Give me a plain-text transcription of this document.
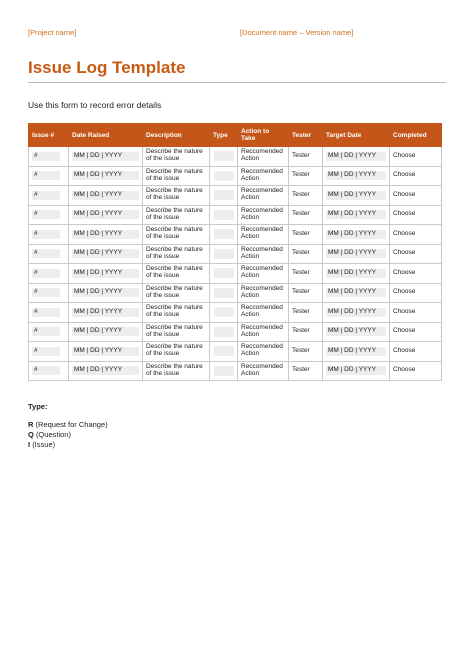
[Project name]	[Document name – Version name]
Issue Log Template
Use this form to record error details
Issue #	Date Raised	Description	Type	Action to Take	Tester	Target Date	Completed
#	MM | DD | YYYY	Describe the nature of the issue		Reccomended Action	Tester	MM | DD | YYYY	Choose
#	MM | DD | YYYY	Describe the nature of the issue		Reccomended Action	Tester	MM | DD | YYYY	Choose
#	MM | DD | YYYY	Describe the nature of the issue		Reccomended Action	Tester	MM | DD | YYYY	Choose
#	MM | DD | YYYY	Describe the nature of the issue		Reccomended Action	Tester	MM | DD | YYYY	Choose
#	MM | DD | YYYY	Describe the nature of the issue		Reccomended Action	Tester	MM | DD | YYYY	Choose
#	MM | DD | YYYY	Describe the nature of the issue		Reccomended Action	Tester	MM | DD | YYYY	Choose
#	MM | DD | YYYY	Describe the nature of the issue		Reccomended Action	Tester	MM | DD | YYYY	Choose
#	MM | DD | YYYY	Describe the nature of the issue		Reccomended Action	Tester	MM | DD | YYYY	Choose
#	MM | DD | YYYY	Describe the nature of the issue		Reccomended Action	Tester	MM | DD | YYYY	Choose
#	MM | DD | YYYY	Describe the nature of the issue		Reccomended Action	Tester	MM | DD | YYYY	Choose
#	MM | DD | YYYY	Describe the nature of the issue		Reccomended Action	Tester	MM | DD | YYYY	Choose
#	MM | DD | YYYY	Describe the nature of the issue		Reccomended Action	Tester	MM | DD | YYYY	Choose
Type:
R (Request for Change)
Q (Question)
I (Issue)
